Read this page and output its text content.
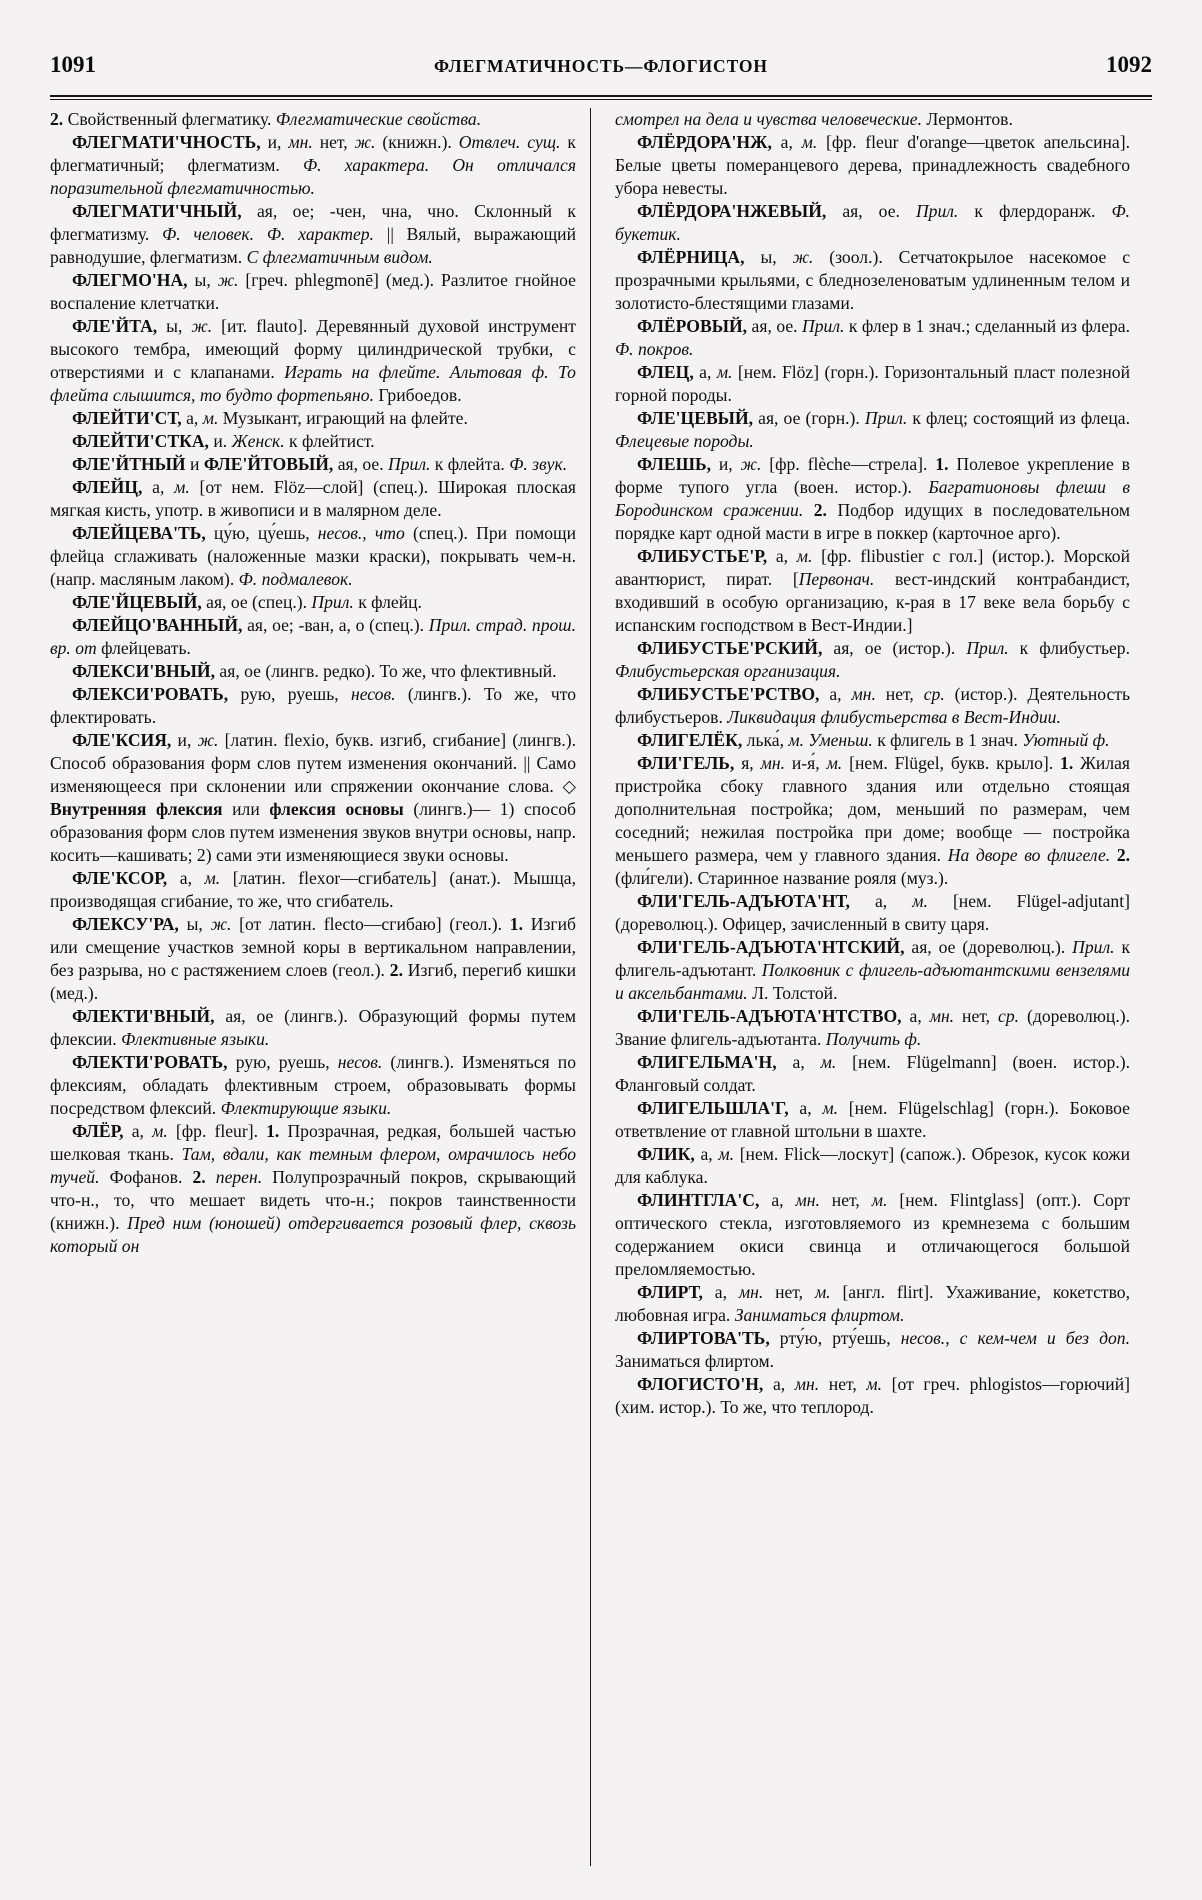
1091	ФЛЕГМАТИЧНОСТЬ—ФЛОГИСТОН	1092

2. Свойственный флегматику. Флегматические свойства.

ФЛЕГМАТИ'ЧНОСТЬ, и, мн. нет, ж. (книжн.). Отвлеч. сущ. к флегматичный; флегматизм. Ф. характера. Он отличался поразительной флегматичностью.

ФЛЕГМАТИ'ЧНЫЙ, ая, ое; -чен, чна, чно. Склонный к флегматизму. Ф. человек. Ф. характер. || Вялый, выражающий равнодушие, флегматизм. С флегматичным видом.

ФЛЕГМО'НА, ы, ж. [греч. phlegmonē] (мед.). Разлитое гнойное воспаление клетчатки.

ФЛЕ'ЙТА, ы, ж. [ит. flauto]. Деревянный духовой инструмент высокого тембра, имеющий форму цилиндрической трубки, с отверстиями и с клапанами. Играть на флейте. Альтовая ф. То флейта слышится, то будто фортепьяно. Грибоедов.

ФЛЕЙТИ'СТ, а, м. Музыкант, играющий на флейте.

ФЛЕЙТИ'СТКА, и. Женск. к флейтист.

ФЛЕ'ЙТНЫЙ и ФЛЕ'ЙТОВЫЙ, ая, ое. Прил. к флейта. Ф. звук.

ФЛЕЙЦ, а, м. [от нем. Flöz—слой] (спец.). Широкая плоская мягкая кисть, употр. в живописи и в малярном деле.

ФЛЕЙЦЕВА'ТЬ, цу́ю, цу́ешь, несов., что (спец.). При помощи флейца сглаживать (наложенные мазки краски), покрывать чем-н. (напр. масляным лаком). Ф. подмалевок.

ФЛЕ'ЙЦЕВЫЙ, ая, ое (спец.). Прил. к флейц.

ФЛЕЙЦО'ВАННЫЙ, ая, ое; -ван, а, о (спец.). Прил. страд. прош. вр. от флейцевать.

ФЛЕКСИ'ВНЫЙ, ая, ое (лингв. редко). То же, что флективный.

ФЛЕКСИ'РОВАТЬ, рую, руешь, несов. (лингв.). То же, что флектировать.

ФЛЕ'КСИЯ, и, ж. [латин. flexio, букв. изгиб, сгибание] (лингв.). Способ образования форм слов путем изменения окончаний. || Само изменяющееся при склонении или спряжении окончание слова. ◇ Внутренняя флексия или флексия основы (лингв.)— 1) способ образования форм слов путем изменения звуков внутри основы, напр. косить—кашивать; 2) сами эти изменяющиеся звуки основы.

ФЛЕ'КСОР, а, м. [латин. flexor—сгибатель] (анат.). Мышца, производящая сгибание, то же, что сгибатель.

ФЛЕКСУ'РА, ы, ж. [от латин. flecto—сгибаю] (геол.). 1. Изгиб или смещение участков земной коры в вертикальном направлении, без разрыва, но с растяжением слоев (геол.). 2. Изгиб, перегиб кишки (мед.).

ФЛЕКТИ'ВНЫЙ, ая, ое (лингв.). Образующий формы путем флексии. Флективные языки.

ФЛЕКТИ'РОВАТЬ, рую, руешь, несов. (лингв.). Изменяться по флексиям, обладать флективным строем, образовывать формы посредством флексий. Флектирующие языки.

ФЛЁР, а, м. [фр. fleur]. 1. Прозрачная, редкая, большей частью шелковая ткань. Там, вдали, как темным флером, омрачилось небо тучей. Фофанов. 2. перен. Полупрозрачный покров, скрывающий что-н., то, что мешает видеть что-н.; покров таинственности (книжн.). Пред ним (юношей) отдергивается розовый флер, сквозь который он

смотрел на дела и чувства человеческие. Лермонтов.

ФЛЁРДОРА'НЖ, а, м. [фр. fleur d'orange—цветок апельсина]. Белые цветы померанцевого дерева, принадлежность свадебного убора невесты.

ФЛЁРДОРА'НЖЕВЫЙ, ая, ое. Прил. к флердоранж. Ф. букетик.

ФЛЁРНИЦА, ы, ж. (зоол.). Сетчатокрылое насекомое с прозрачными крыльями, с бледнозеленоватым удлиненным телом и золотисто-блестящими глазами.

ФЛЁРОВЫЙ, ая, ое. Прил. к флер в 1 знач.; сделанный из флера. Ф. покров.

ФЛЕЦ, а, м. [нем. Flöz] (горн.). Горизонтальный пласт полезной горной породы.

ФЛЕ'ЦЕВЫЙ, ая, ое (горн.). Прил. к флец; состоящий из флеца. Флецевые породы.

ФЛЕШЬ, и, ж. [фр. flèche—стрела]. 1. Полевое укрепление в форме тупого угла (воен. истор.). Багратионовы флеши в Бородинском сражении. 2. Подбор идущих в последовательном порядке карт одной масти в игре в поккер (карточное арго).

ФЛИБУСТЬЕ'Р, а, м. [фр. flibustier с гол.] (истор.). Морской авантюрист, пират. [Первонач. вест-индский контрабандист, входивший в особую организацию, к-рая в 17 веке вела борьбу с испанским господством в Вест-Индии.]

ФЛИБУСТЬЕ'РСКИЙ, ая, ое (истор.). Прил. к флибустьер. Флибустьерская организация.

ФЛИБУСТЬЕ'РСТВО, а, мн. нет, ср. (истор.). Деятельность флибустьеров. Ликвидация флибустьерства в Вест-Индии.

ФЛИГЕЛЁК, лька́, м. Уменьш. к флигель в 1 знач. Уютный ф.

ФЛИ'ГЕЛЬ, я, мн. и-я́, м. [нем. Flügel, букв. крыло]. 1. Жилая пристройка сбоку главного здания или отдельно стоящая дополнительная постройка; дом, меньший по размерам, чем соседний; нежилая постройка при доме; вообще — постройка меньшего размера, чем у главного здания. На дворе во флигеле. 2. (фли́гели). Старинное название рояля (муз.).

ФЛИ'ГЕЛЬ-АДЪЮТА'НТ, а, м. [нем. Flügel-adjutant] (дореволюц.). Офицер, зачисленный в свиту царя.

ФЛИ'ГЕЛЬ-АДЪЮТА'НТСКИЙ, ая, ое (дореволюц.). Прил. к флигель-адъютант. Полковник с флигель-адъютантскими вензелями и аксельбантами. Л. Толстой.

ФЛИ'ГЕЛЬ-АДЪЮТА'НТСТВО, а, мн. нет, ср. (дореволюц.). Звание флигель-адъютанта. Получить ф.

ФЛИГЕЛЬМА'Н, а, м. [нем. Flügelmann] (воен. истор.). Фланговый солдат.

ФЛИГЕЛЬШЛА'Г, а, м. [нем. Flügelschlag] (горн.). Боковое ответвление от главной штольни в шахте.

ФЛИК, а, м. [нем. Flick—лоскут] (сапож.). Обрезок, кусок кожи для каблука.

ФЛИНТГЛА'С, а, мн. нет, м. [нем. Flintglass] (опт.). Сорт оптического стекла, изготовляемого из кремнезема с большим содержанием окиси свинца и отличающегося большой преломляемостью.

ФЛИРТ, а, мн. нет, м. [англ. flirt]. Ухаживание, кокетство, любовная игра. Заниматься флиртом.

ФЛИРТОВА'ТЬ, рту́ю, рту́ешь, несов., с кем-чем и без доп. Заниматься флиртом.

ФЛОГИСТО'Н, а, мн. нет, м. [от греч. phlogistos—горючий] (хим. истор.). То же, что теплород.
